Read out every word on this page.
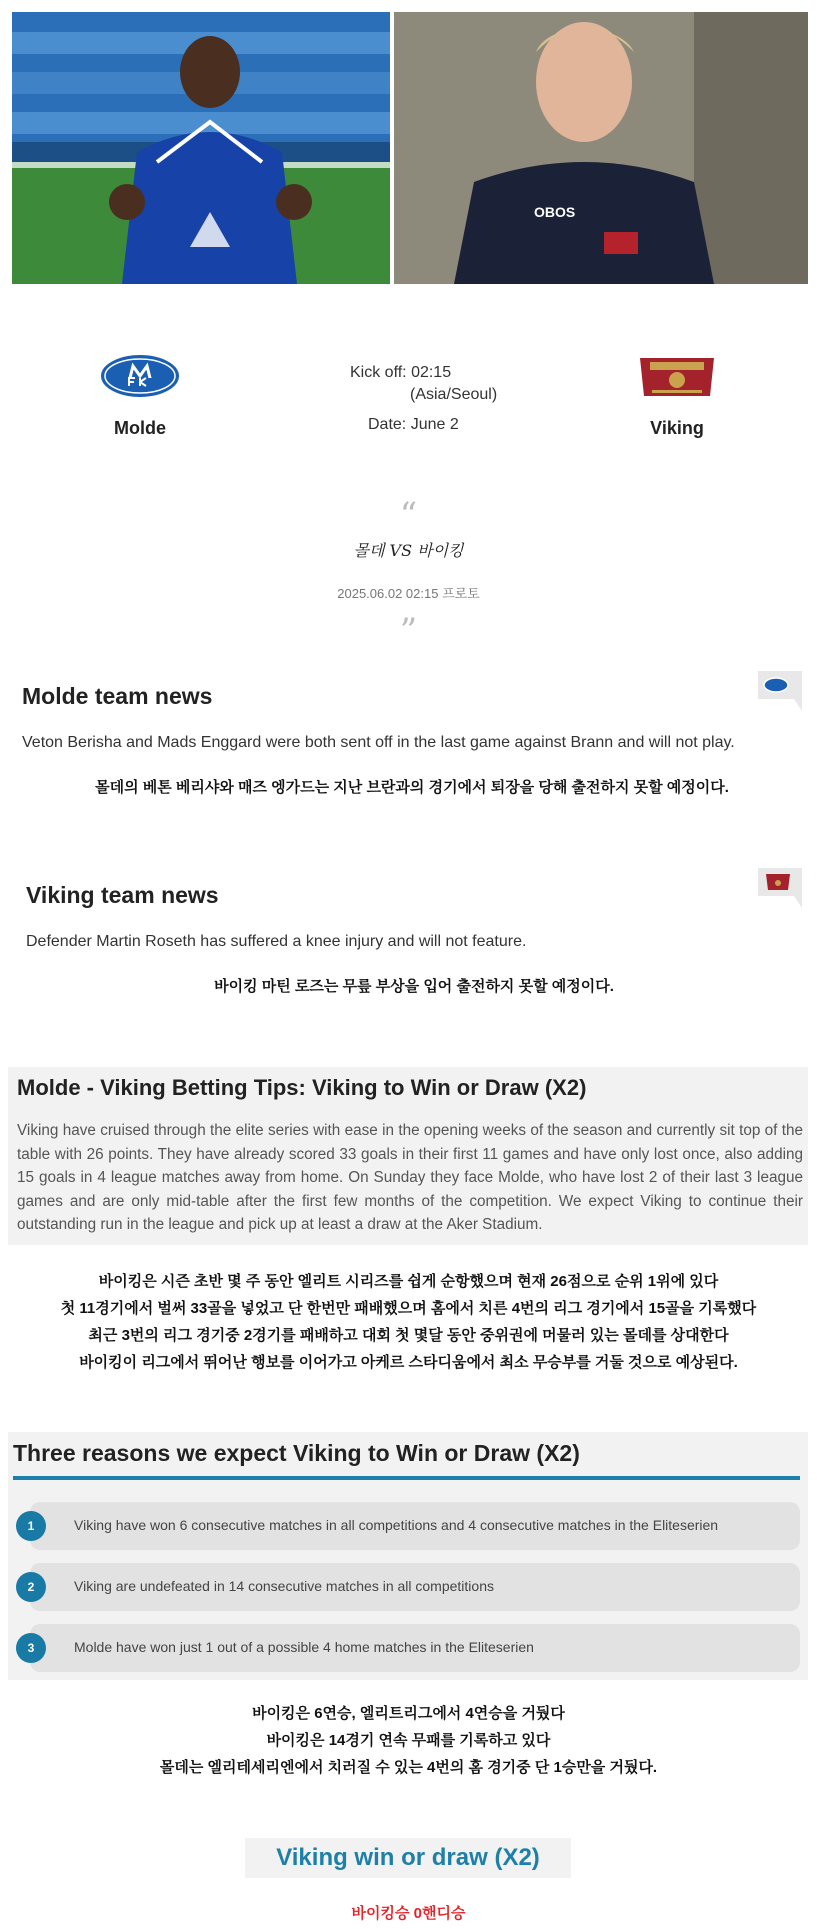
OBOS
Molde
Kick off: 02:15
(Asia/Seoul)
Date: June 2	Viking
“
몰데 VS 바이킹
2025.06.02 02:15 프로토
”
Molde team news
Veton Berisha and Mads Enggard were both sent off in the last game against Brann and will not play.
몰데의 베톤 베리샤와 매즈 엥가드는 지난 브란과의 경기에서 퇴장을 당해 출전하지 못할 예정이다.
Viking team news
Defender Martin Roseth has suffered a knee injury and will not feature.
바이킹 마틴 로즈는 무릎 부상을 입어 출전하지 못할 예정이다.
Molde - Viking Betting Tips: Viking to Win or Draw (X2)

Viking have cruised through the elite series with ease in the opening weeks of the season and currently sit top of the table with 26 points. They have already scored 33 goals in their first 11 games and have only lost once, also adding 15 goals in 4 league matches away from home. On Sunday they face Molde, who have lost 2 of their last 3 league games and are only mid-table after the first few months of the competition. We expect Viking to continue their outstanding run in the league and pick up at least a draw at the Aker Stadium.

바이킹은 시즌 초반 몇 주 동안 엘리트 시리즈를 쉽게 순항했으며 현재 26점으로 순위 1위에 있다
첫 11경기에서 벌써 33골을 넣었고 단 한번만 패배했으며 홈에서 치른 4번의 리그 경기에서 15골을 기록했다
최근 3번의 리그 경기중 2경기를 패배하고 대회 첫 몇달 동안 중위권에 머물러 있는 몰데를 상대한다
바이킹이 리그에서 뛰어난 행보를 이어가고 아케르 스타디움에서 최소 무승부를 거둘 것으로 예상된다.
Three reasons we expect Viking to Win or Draw (X2)
1	Viking have won 6 consecutive matches in all competitions and 4 consecutive matches in the Eliteserien
2	Viking are undefeated in 14 consecutive matches in all competitions
3	Molde have won just 1 out of a possible 4 home matches in the Eliteserien
바이킹은 6연승, 엘리트리그에서 4연승을 거뒀다
바이킹은 14경기 연속 무패를 기록하고 있다
몰데는 엘리테세리엔에서 치러질 수 있는 4번의 홈 경기중 단 1승만을 거뒀다.
Viking win or draw (X2)
바이킹승 0핸디승
